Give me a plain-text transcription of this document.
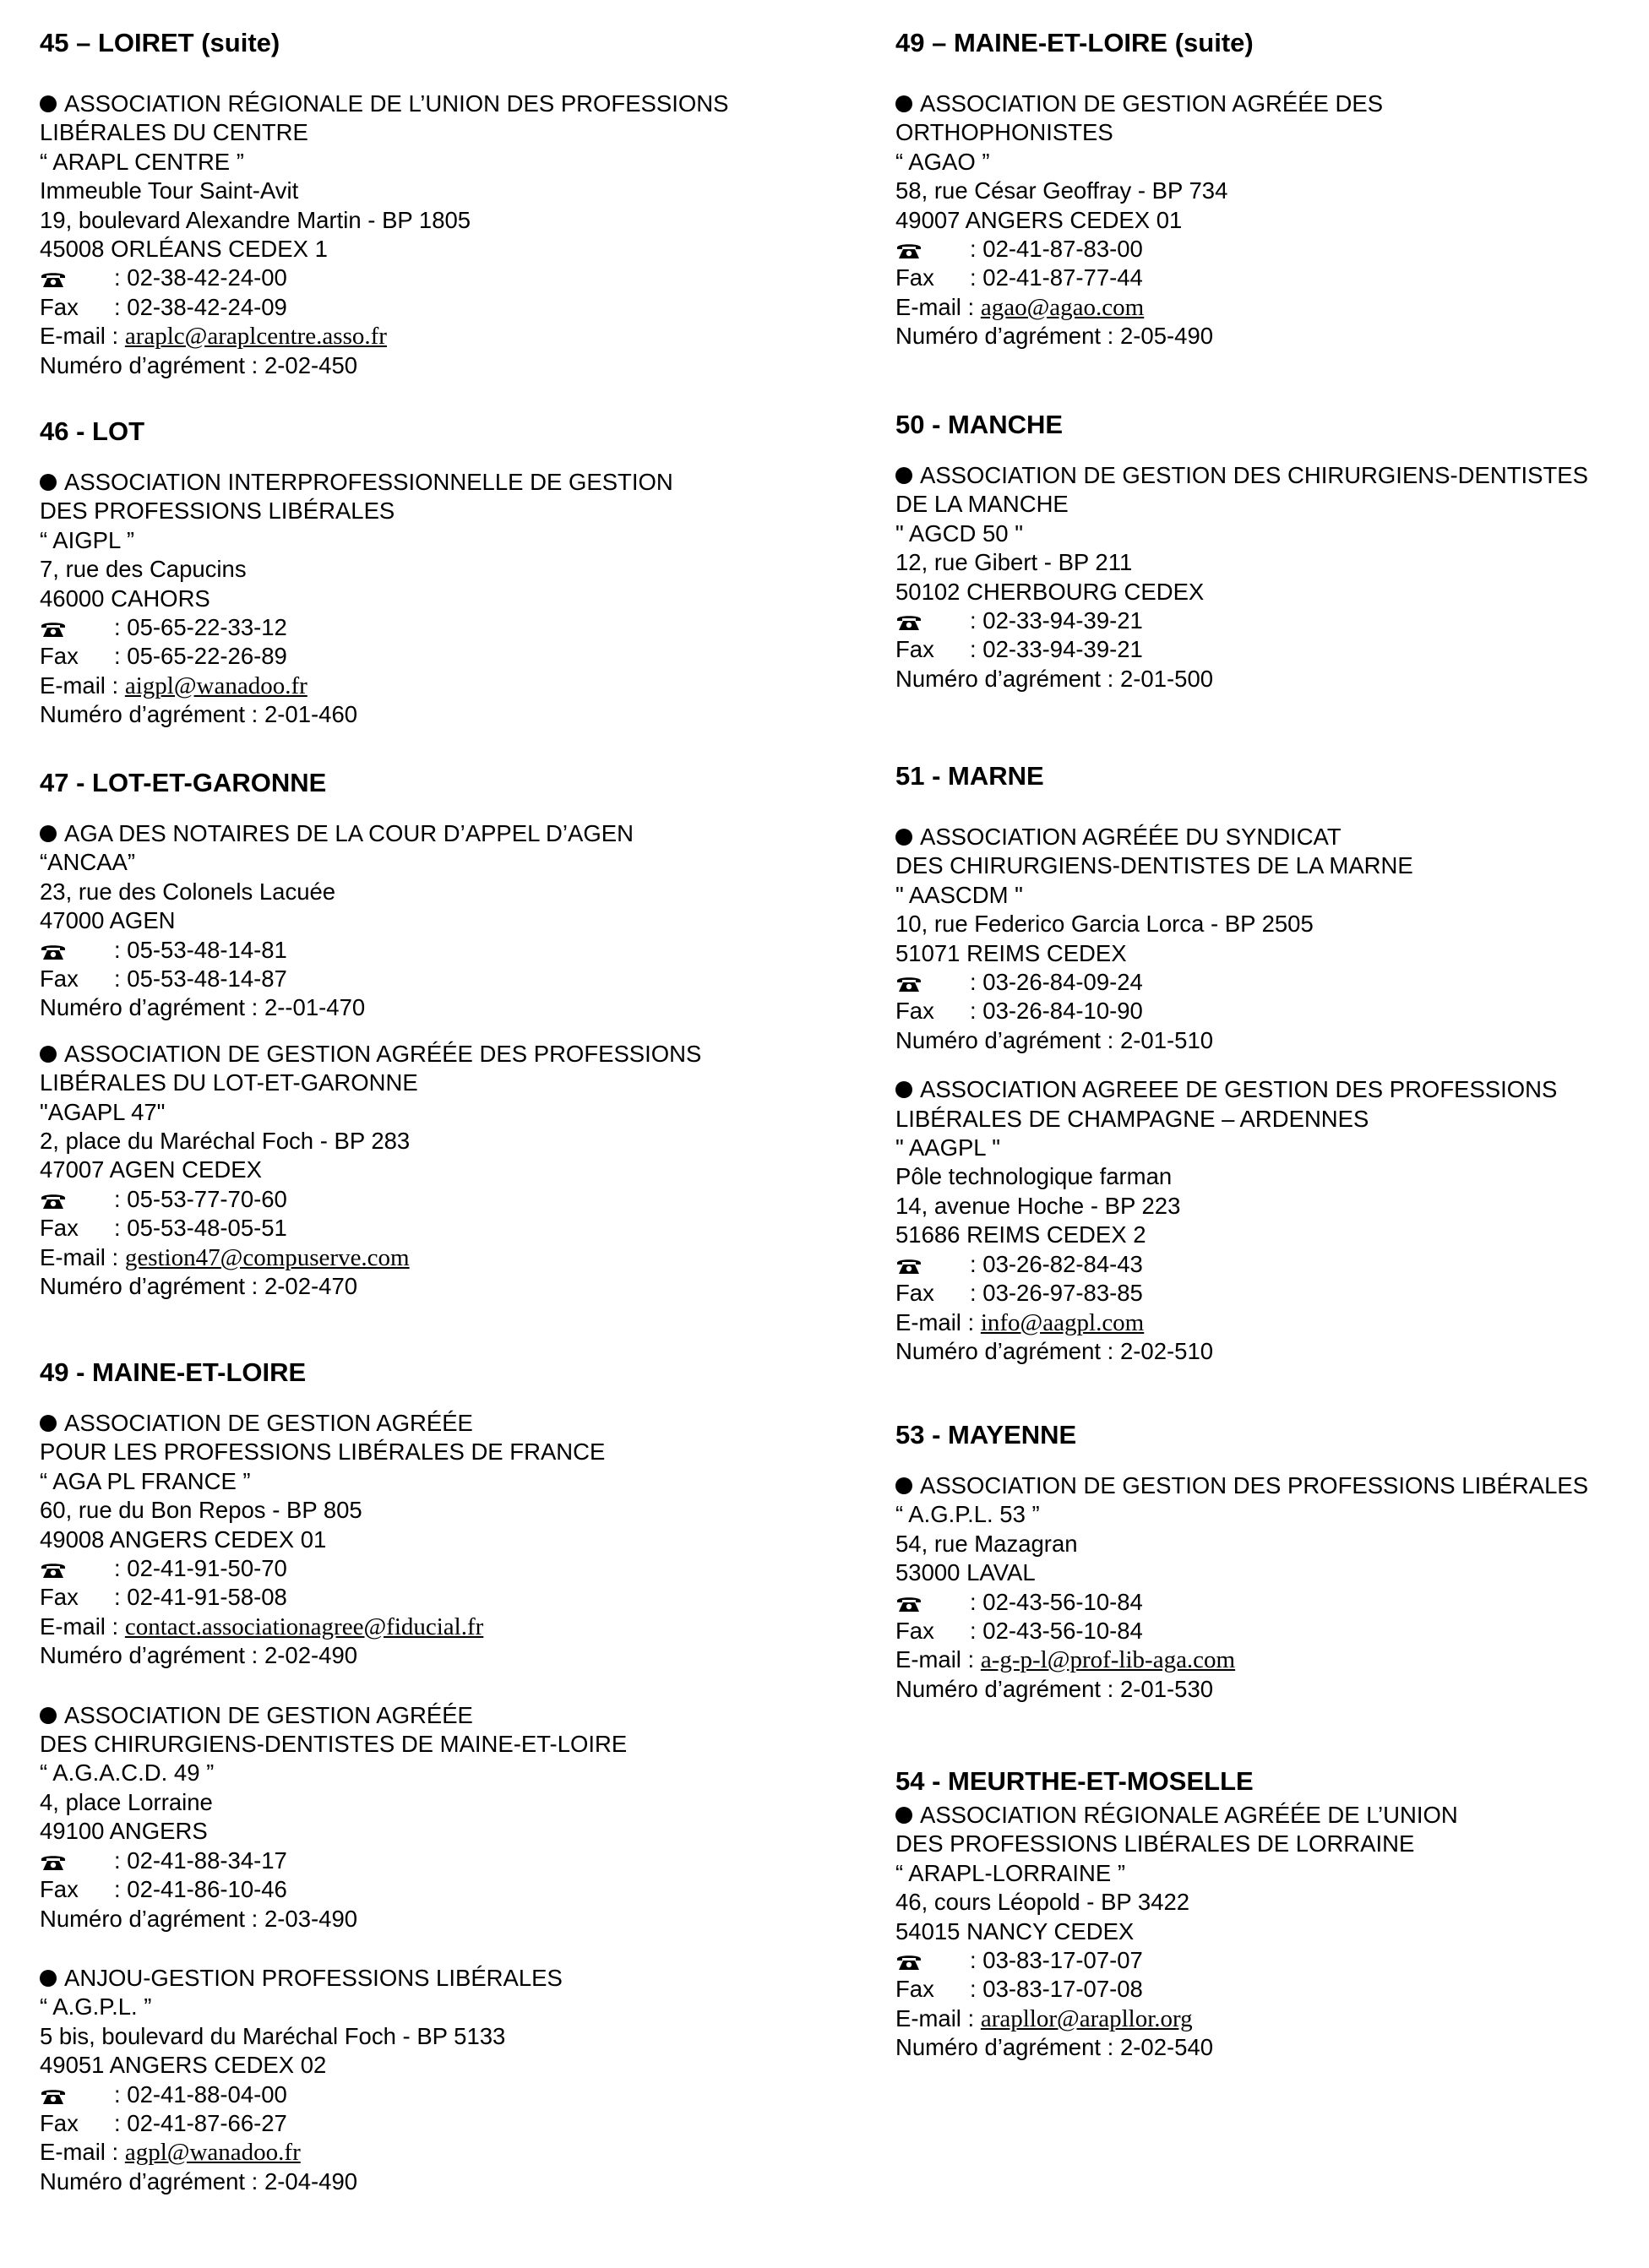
45 – LOIRET (suite)
ASSOCIATION RÉGIONALE DE L’UNION DES PROFESSIONS
LIBÉRALES DU CENTRE
“ ARAPL CENTRE ”
Immeuble Tour Saint-Avit
19, boulevard Alexandre Martin - BP 1805
45008 ORLÉANS CEDEX 1
: 02-38-42-24-00
Fax : 02-38-42-24-09
E-mail : araplc@araplcentre.asso.fr
Numéro d’agrément : 2-02-450
46 - LOT
ASSOCIATION INTERPROFESSIONNELLE DE GESTION
DES PROFESSIONS LIBÉRALES
“ AIGPL ”
7, rue des Capucins
46000 CAHORS
: 05-65-22-33-12
Fax : 05-65-22-26-89
E-mail : aigpl@wanadoo.fr
Numéro d’agrément : 2-01-460
47 - LOT-ET-GARONNE
AGA DES NOTAIRES DE LA COUR D’APPEL D’AGEN
“ANCAA”
23, rue des Colonels Lacuée
47000 AGEN
: 05-53-48-14-81
Fax : 05-53-48-14-87
Numéro d’agrément : 2--01-470
ASSOCIATION DE GESTION AGRÉÉE DES PROFESSIONS
LIBÉRALES DU LOT-ET-GARONNE
"AGAPL 47"
2, place du Maréchal Foch - BP 283
47007 AGEN CEDEX
: 05-53-77-70-60
Fax : 05-53-48-05-51
E-mail : gestion47@compuserve.com
Numéro d’agrément : 2-02-470
49 - MAINE-ET-LOIRE
ASSOCIATION DE GESTION AGRÉÉE
POUR LES PROFESSIONS LIBÉRALES DE FRANCE
“ AGA PL FRANCE ”
60, rue du Bon Repos - BP 805
49008 ANGERS CEDEX 01
: 02-41-91-50-70
Fax : 02-41-91-58-08
E-mail : contact.associationagree@fiducial.fr
Numéro d’agrément : 2-02-490
ASSOCIATION DE GESTION AGRÉÉE
DES CHIRURGIENS-DENTISTES DE MAINE-ET-LOIRE
“ A.G.A.C.D. 49 ”
4, place Lorraine
49100 ANGERS
: 02-41-88-34-17
Fax : 02-41-86-10-46
Numéro d’agrément : 2-03-490
ANJOU-GESTION PROFESSIONS LIBÉRALES
“ A.G.P.L. ”
5 bis, boulevard du Maréchal Foch - BP 5133
49051 ANGERS CEDEX 02
: 02-41-88-04-00
Fax : 02-41-87-66-27
E-mail : agpl@wanadoo.fr
Numéro d’agrément : 2-04-490
49 – MAINE-ET-LOIRE (suite)
ASSOCIATION DE GESTION AGRÉÉE DES
ORTHOPHONISTES
“ AGAO ”
58, rue César Geoffray - BP 734
49007 ANGERS CEDEX 01
: 02-41-87-83-00
Fax : 02-41-87-77-44
E-mail : agao@agao.com
Numéro d’agrément : 2-05-490
50 - MANCHE
ASSOCIATION DE GESTION DES CHIRURGIENS-DENTISTES
DE LA MANCHE
" AGCD 50 "
12, rue Gibert - BP 211
50102 CHERBOURG CEDEX
: 02-33-94-39-21
Fax : 02-33-94-39-21
Numéro d’agrément : 2-01-500
51 - MARNE
ASSOCIATION AGRÉÉE DU SYNDICAT
DES CHIRURGIENS-DENTISTES DE LA MARNE
" AASCDM "
10, rue Federico Garcia Lorca - BP 2505
51071 REIMS CEDEX
: 03-26-84-09-24
Fax : 03-26-84-10-90
Numéro d’agrément : 2-01-510
ASSOCIATION AGREEE DE GESTION DES PROFESSIONS
LIBÉRALES DE CHAMPAGNE – ARDENNES
" AAGPL "
Pôle technologique farman
14, avenue Hoche - BP 223
51686 REIMS CEDEX 2
: 03-26-82-84-43
Fax : 03-26-97-83-85
E-mail : info@aagpl.com
Numéro d’agrément : 2-02-510
53 - MAYENNE
ASSOCIATION DE GESTION DES PROFESSIONS LIBÉRALES
“ A.G.P.L. 53 ”
54, rue Mazagran
53000 LAVAL
: 02-43-56-10-84
Fax : 02-43-56-10-84
E-mail : a-g-p-l@prof-lib-aga.com
Numéro d’agrément : 2-01-530
54 - MEURTHE-ET-MOSELLE
ASSOCIATION RÉGIONALE AGRÉÉE DE L’UNION
DES PROFESSIONS LIBÉRALES DE LORRAINE
“ ARAPL-LORRAINE ”
46, cours Léopold - BP 3422
54015 NANCY CEDEX
: 03-83-17-07-07
Fax : 03-83-17-07-08
E-mail : arapllor@arapllor.org
Numéro d’agrément : 2-02-540
